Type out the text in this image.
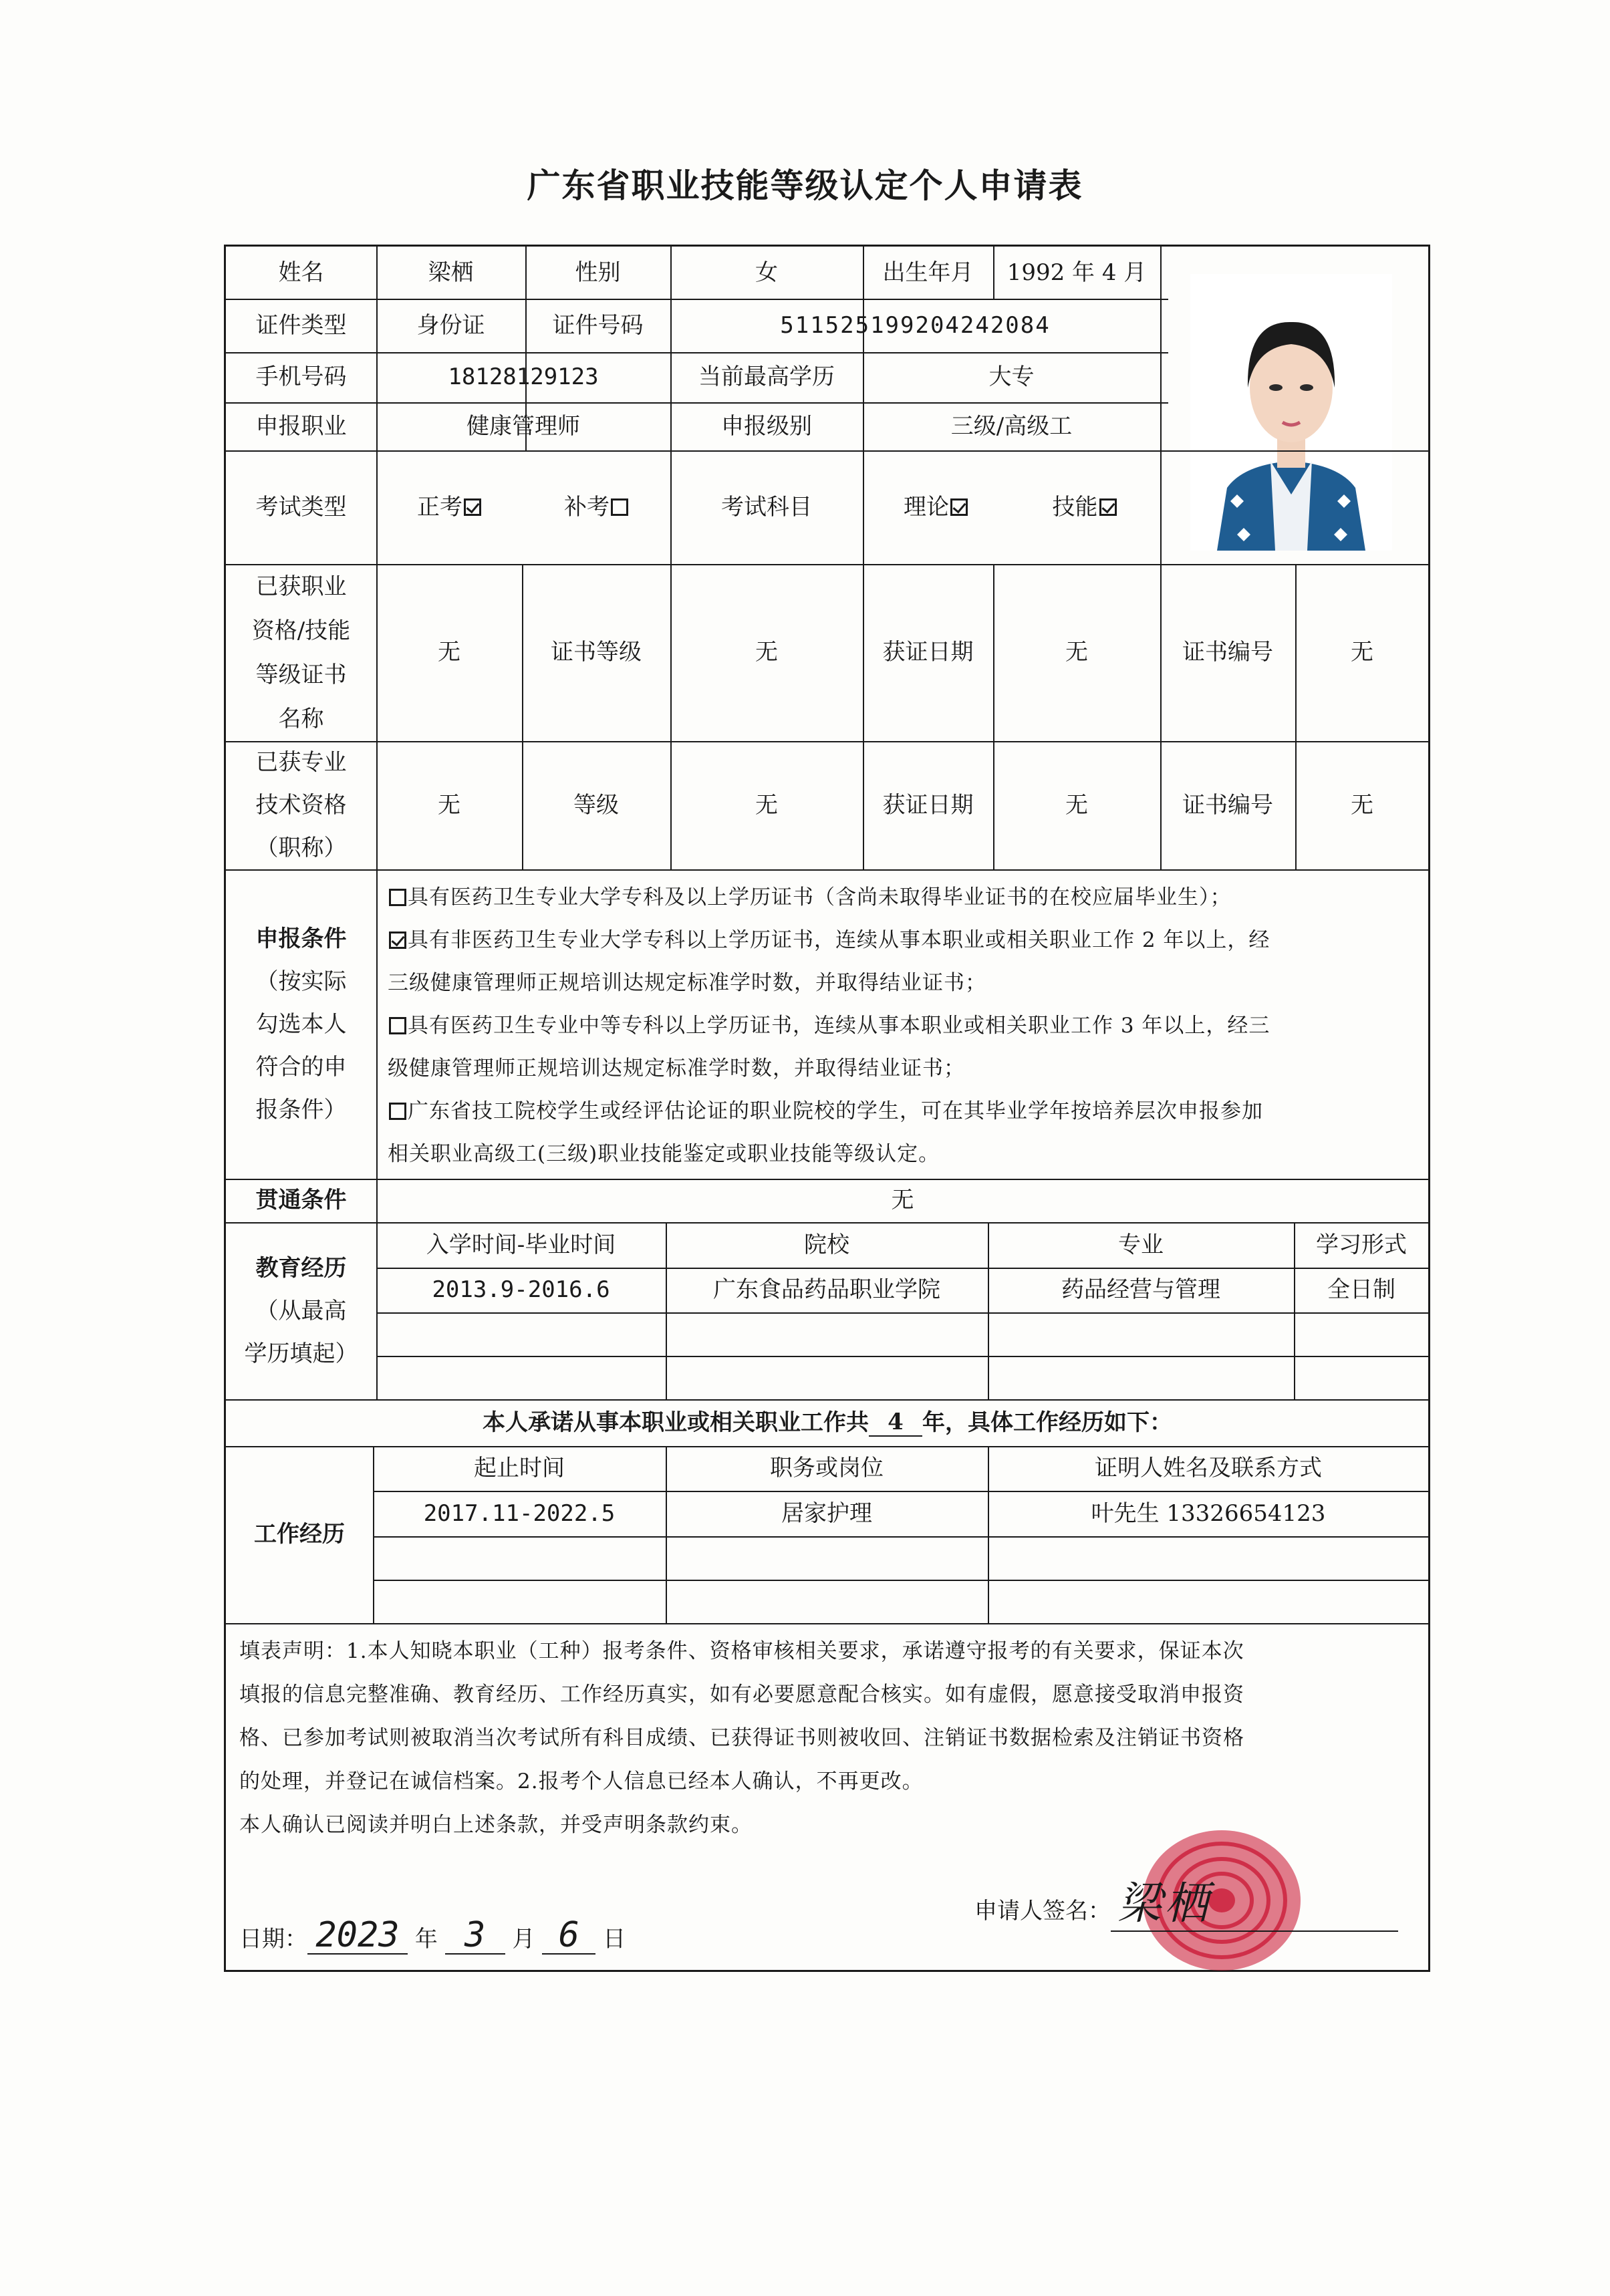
广东省职业技能等级认定个人申请表
姓名	梁栖	性别	女	出生年月	1992 年 4 月
证件类型	身份证	证件号码	511525199204242084
手机号码	18128129123	当前最高学历	大专
申报职业	健康管理师	申报级别	三级/高级工
考试类型	正考	补考	考试科目	理论	技能
已获职业
资格/技能
等级证书
名称
无	证书等级	无	获证日期	无	证书编号	无
已获专业
技术资格
（职称）
无	等级	无	获证日期	无	证书编号	无
申报条件
（按实际
勾选本人
符合的申
报条件）
具有医药卫生专业大学专科及以上学历证书（含尚未取得毕业证书的在校应届毕业生）；
具有非医药卫生专业大学专科以上学历证书，连续从事本职业或相关职业工作 2 年以上，经
三级健康管理师正规培训达规定标准学时数，并取得结业证书；
具有医药卫生专业中等专科以上学历证书，连续从事本职业或相关职业工作 3 年以上，经三
级健康管理师正规培训达规定标准学时数，并取得结业证书；
广东省技工院校学生或经评估论证的职业院校的学生，可在其毕业学年按培养层次申报参加
相关职业高级工(三级)职业技能鉴定或职业技能等级认定。
贯通条件	无
教育经历
（从最高
学历填起）
入学时间-毕业时间	院校	专业	学习形式
2013.9-2016.6	广东食品药品职业学院	药品经营与管理	全日制
本人承诺从事本职业或相关职业工作共 4 年，具体工作经历如下：
工作经历
起止时间	职务或岗位	证明人姓名及联系方式
2017.11-2022.5	居家护理	叶先生 13326654123
填表声明：1.本人知晓本职业（工种）报考条件、资格审核相关要求，承诺遵守报考的有关要求，保证本次
填报的信息完整准确、教育经历、工作经历真实，如有必要愿意配合核实。如有虚假，愿意接受取消申报资
格、已参加考试则被取消当次考试所有科目成绩、已获得证书则被收回、注销证书数据检索及注销证书资格
的处理，并登记在诚信档案。2.报考个人信息已经本人确认，不再更改。
本人确认已阅读并明白上述条款，并受声明条款约束。
申请人签名： 梁栖
日期： 2023 年 3 月 6 日
